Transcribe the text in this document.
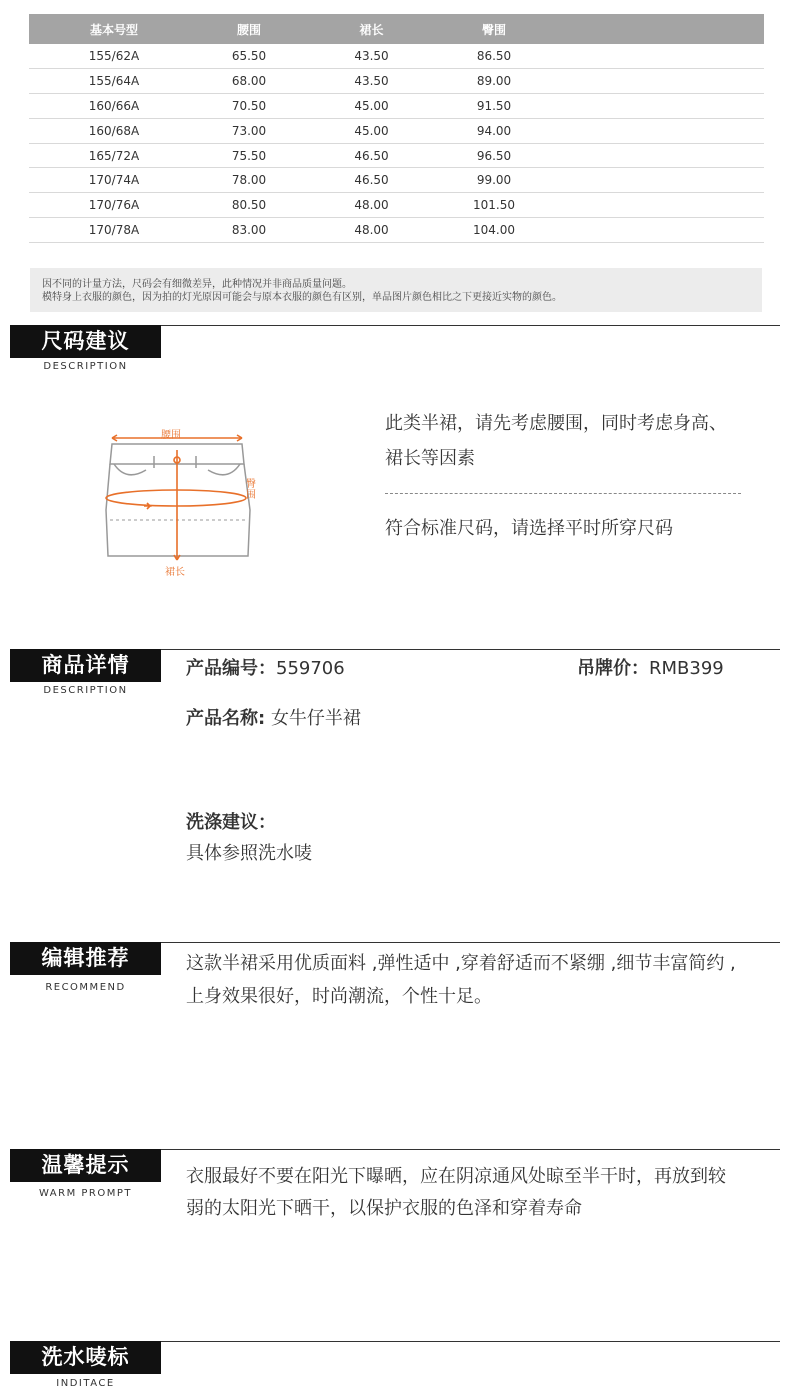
基本号型	腰围	裙长	臀围	
155/62A	65.50	43.50	86.50	
155/64A	68.00	43.50	89.00	
160/66A	70.50	45.00	91.50	
160/68A	73.00	45.00	94.00	
165/72A	75.50	46.50	96.50	
170/74A	78.00	46.50	99.00	
170/76A	80.50	48.00	101.50	
170/78A	83.00	48.00	104.00	

因不同的计量方法，尺码会有细微差异，此种情况并非商品质量问题。

模特身上衣服的颜色，因为拍的灯光原因可能会与原本衣服的颜色有区别，单品图片颜色相比之下更接近实物的颜色。

尺码建议
DESCRIPTION
腰围
臀围
裙长
此类半裙，请先考虑腰围，同时考虑身高、
裙长等因素
符合标准尺码，请选择平时所穿尺码
商品详情
DESCRIPTION
产品编号：559706	吊牌价：RMB399
产品名称: 女牛仔半裙
洗涤建议：
具体参照洗水唛
编辑推荐
RECOMMEND
这款半裙采用优质面料 ,弹性适中 ,穿着舒适而不紧绷 ,细节丰富简约 ,
上身效果很好，时尚潮流，个性十足。
温馨提示
WARM PROMPT
衣服最好不要在阳光下曝晒，应在阴凉通风处晾至半干时，再放到较
弱的太阳光下晒干，以保护衣服的色泽和穿着寿命
洗水唛标
INDITACE
